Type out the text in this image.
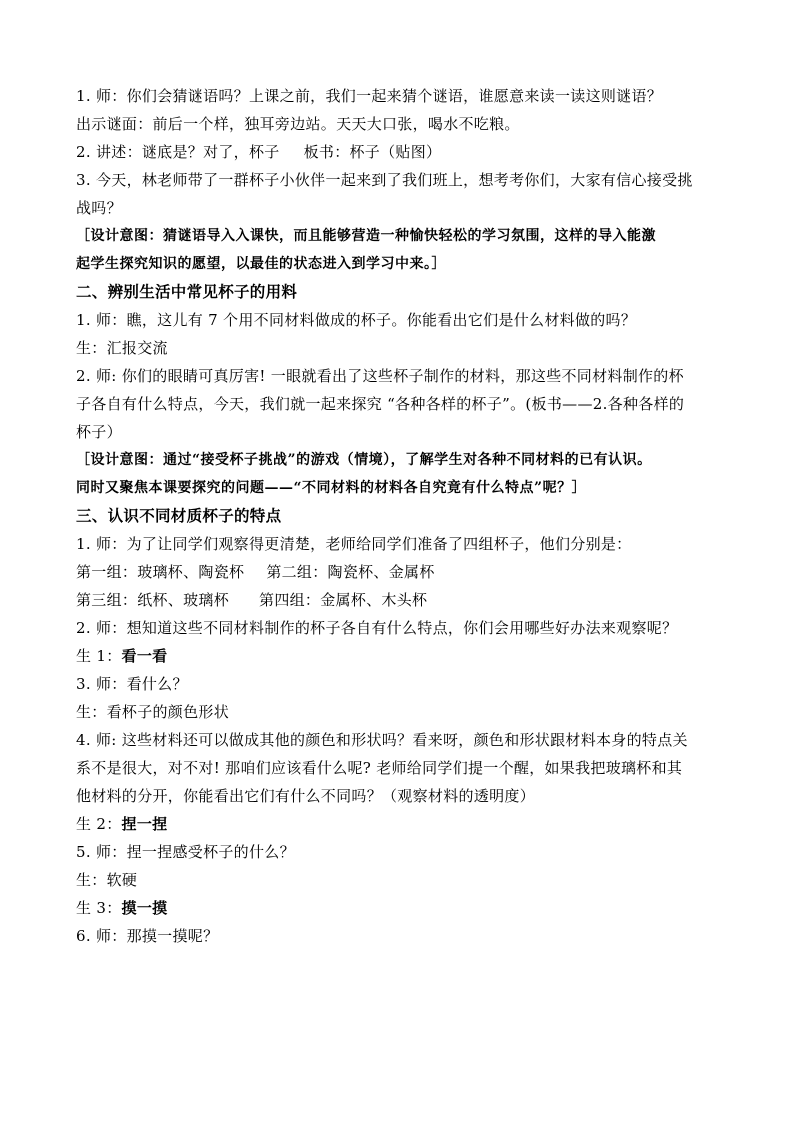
1. 师：你们会猜谜语吗？上课之前，我们一起来猜个谜语，谁愿意来读一读这则谜语？
出示谜面：前后一个样，独耳旁边站。天天大口张，喝水不吃粮。
2. 讲述：谜底是？对了，杯子 板书：杯子（贴图）
3. 今天，林老师带了一群杯子小伙伴一起来到了我们班上，想考考你们，大家有信心接受挑
战吗？
［设计意图：猜谜语导入入课快，而且能够营造一种愉快轻松的学习氛围，这样的导入能激
起学生探究知识的愿望，以最佳的状态进入到学习中来。］
二、辨别生活中常见杯子的用料
1. 师：瞧，这儿有 7 个用不同材料做成的杯子。你能看出它们是什么材料做的吗？
生：汇报交流
2. 师: 你们的眼睛可真厉害! 一眼就看出了这些杯子制作的材料，那这些不同材料制作的杯
子各自有什么特点，今天，我们就一起来探究 “各种各样的杯子”。(板书——2.各种各样的
杯子）
［设计意图：通过“接受杯子挑战”的游戏（情境），了解学生对各种不同材料的已有认识。
同时又聚焦本课要探究的问题——“不同材料的材料各自究竟有什么特点”呢？］
三、认识不同材质杯子的特点
1. 师：为了让同学们观察得更清楚，老师给同学们准备了四组杯子，他们分别是：
第一组：玻璃杯、陶瓷杯 第二组：陶瓷杯、金属杯
第三组：纸杯、玻璃杯 第四组：金属杯、木头杯
2. 师：想知道这些不同材料制作的杯子各自有什么特点，你们会用哪些好办法来观察呢？
生 1：看一看
3. 师：看什么？
生：看杯子的颜色形状
4. 师: 这些材料还可以做成其他的颜色和形状吗？看来呀，颜色和形状跟材料本身的特点关
系不是很大，对不对! 那咱们应该看什么呢? 老师给同学们提一个醒，如果我把玻璃杯和其
他材料的分开，你能看出它们有什么不同吗？（观察材料的透明度）
生 2：捏一捏
5. 师：捏一捏感受杯子的什么？
生：软硬
生 3：摸一摸
6. 师：那摸一摸呢？
